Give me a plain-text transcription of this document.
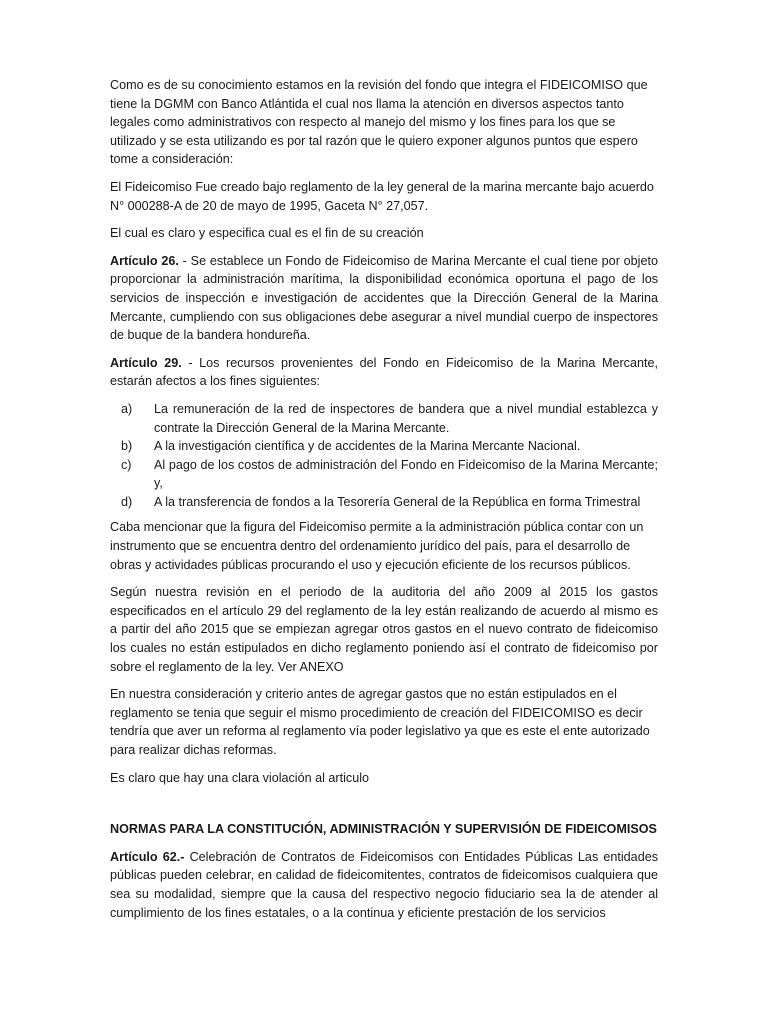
Como es de su conocimiento estamos en la revisión del fondo que integra el FIDEICOMISO que tiene la DGMM con Banco Atlántida el cual nos llama la atención en diversos aspectos tanto legales como administrativos con respecto al manejo del mismo y los fines para los que se utilizado y se esta utilizando es por tal razón que le quiero exponer algunos puntos que espero tome a consideración:

El Fideicomiso Fue creado bajo reglamento de la ley general de la marina mercante bajo acuerdo N° 000288-A de 20 de mayo de 1995, Gaceta N° 27,057.

El cual es claro y especifica cual es el fin de su creación

Artículo 26. - Se establece un Fondo de Fideicomiso de Marina Mercante el cual tiene por objeto proporcionar la administración marítima, la disponibilidad económica oportuna el pago de los servicios de inspección e investigación de accidentes que la Dirección General de la Marina Mercante, cumpliendo con sus obligaciones debe asegurar a nivel mundial cuerpo de inspectores de buque de la bandera hondureña.

Artículo 29. - Los recursos provenientes del Fondo en Fideicomiso de la Marina Mercante, estarán afectos a los fines siguientes:

a) La remuneración de la red de inspectores de bandera que a nivel mundial establezca y contrate la Dirección General de la Marina Mercante.
b) A la investigación científica y de accidentes de la Marina Mercante Nacional.
c) Al pago de los costos de administración del Fondo en Fideicomiso de la Marina Mercante; y,
d) A la transferencia de fondos a la Tesorería General de la República en forma Trimestral

Caba mencionar que la figura del Fideicomiso permite a la administración pública contar con un instrumento que se encuentra dentro del ordenamiento jurídico del país, para el desarrollo de obras y actividades públicas procurando el uso y ejecución eficiente de los recursos públicos.

Según nuestra revisión en el periodo de la auditoria del año 2009 al 2015 los gastos especificados en el artículo 29 del reglamento de la ley están realizando de acuerdo al mismo es a partir del año 2015 que se empiezan agregar otros gastos en el nuevo contrato de fideicomiso los cuales no están estipulados en dicho reglamento poniendo así el contrato de fideicomiso por sobre el reglamento de la ley. Ver ANEXO

En nuestra consideración y criterio antes de agregar gastos que no están estipulados en el reglamento se tenia que seguir el mismo procedimiento de creación del FIDEICOMISO es decir tendría que aver un reforma al reglamento vía poder legislativo ya que es este el ente autorizado para realizar dichas reformas.

Es claro que hay una clara violación al articulo

NORMAS PARA LA CONSTITUCIÓN, ADMINISTRACIÓN Y SUPERVISIÓN DE FIDEICOMISOS

Artículo 62.- Celebración de Contratos de Fideicomisos con Entidades Públicas Las entidades públicas pueden celebrar, en calidad de fideicomitentes, contratos de fideicomisos cualquiera que sea su modalidad, siempre que la causa del respectivo negocio fiduciario sea la de atender al cumplimiento de los fines estatales, o a la continua y eficiente prestación de los servicios
